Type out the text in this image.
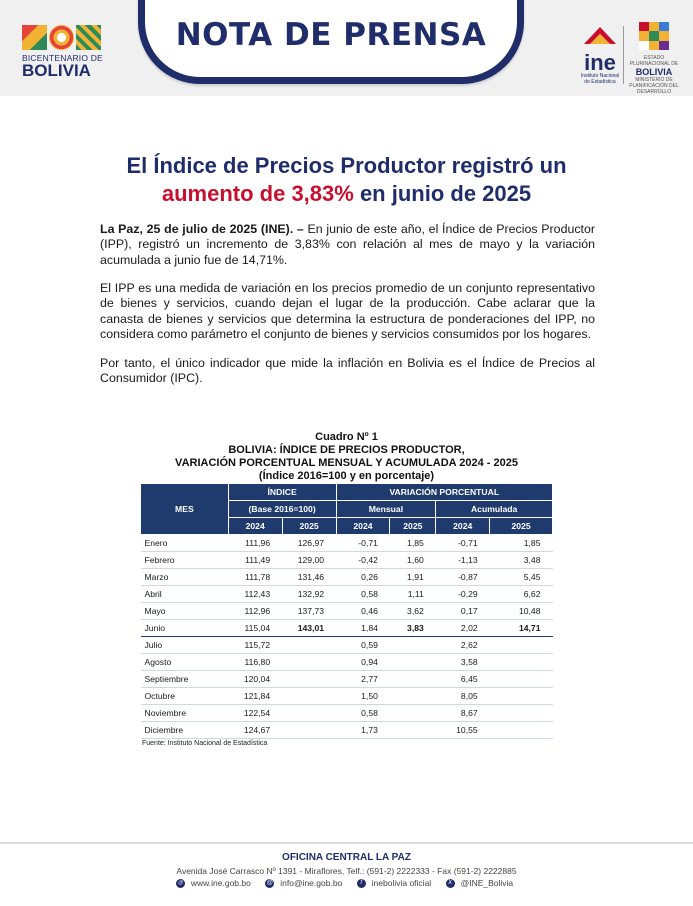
BICENTENARIO DE
BOLIVIA
NOTA DE PRENSA
ine
Instituto Nacional
de Estadística
ESTADO PLURINACIONAL DE
BOLIVIA
MINISTERIO DE PLANIFICACIÓN DEL DESARROLLO
El Índice de Precios Productor registró un
aumento de 3,83% en junio de 2025
La Paz, 25 de julio de 2025 (INE). – En junio de este año, el Índice de Precios Productor (IPP), registró un incremento de 3,83% con relación al mes de mayo y la variación acumulada a junio fue de 14,71%.
El IPP es una medida de variación en los precios promedio de un conjunto representativo de bienes y servicios, cuando dejan el lugar de la producción. Cabe aclarar que la canasta de bienes y servicios que determina la estructura de ponderaciones del IPP, no considera como parámetro el conjunto de bienes y servicios consumidos por los hogares.
Por tanto, el único indicador que mide la inflación en Bolivia es el Índice de Precios al Consumidor (IPC).
Cuadro Nº 1
BOLIVIA: ÍNDICE DE PRECIOS PRODUCTOR,
VARIACIÓN PORCENTUAL MENSUAL Y ACUMULADA 2024 - 2025
(Índice 2016=100 y en porcentaje)
MES	ÍNDICE		VARIACIÓN PORCENTUAL			
	(Base 2016=100)		Mensual		Acumulada	
	2024	2025	2024	2025	2024	2025
Enero	111,96	126,97	-0,71	1,85	-0,71	1,85
Febrero	111,49	129,00	-0,42	1,60	-1,13	3,48
Marzo	111,78	131,46	0,26	1,91	-0,87	5,45
Abril	112,43	132,92	0,58	1,11	-0,29	6,62
Mayo	112,96	137,73	0,46	3,62	0,17	10,48
Junio	115,04	143,01	1,84	3,83	2,02	14,71
Julio	115,72		0,59		2,62	
Agosto	116,80		0,94		3,58	
Septiembre	120,04		2,77		6,45	
Octubre	121,84		1,50		8,05	
Noviembre	122,54		0,58		8,67	
Diciembre	124,67		1,73		10,55	
Fuente: Instituto Nacional de Estadística
OFICINA CENTRAL LA PAZ
Avenida José Carrasco Nº 1391 - Miraflores, Telf.: (591-2) 2222333 - Fax (591-2) 2222885
◎ www.ine.gob.bo	@ info@ine.gob.bo	f inebolivia oficial	X @INE_Bolivia
